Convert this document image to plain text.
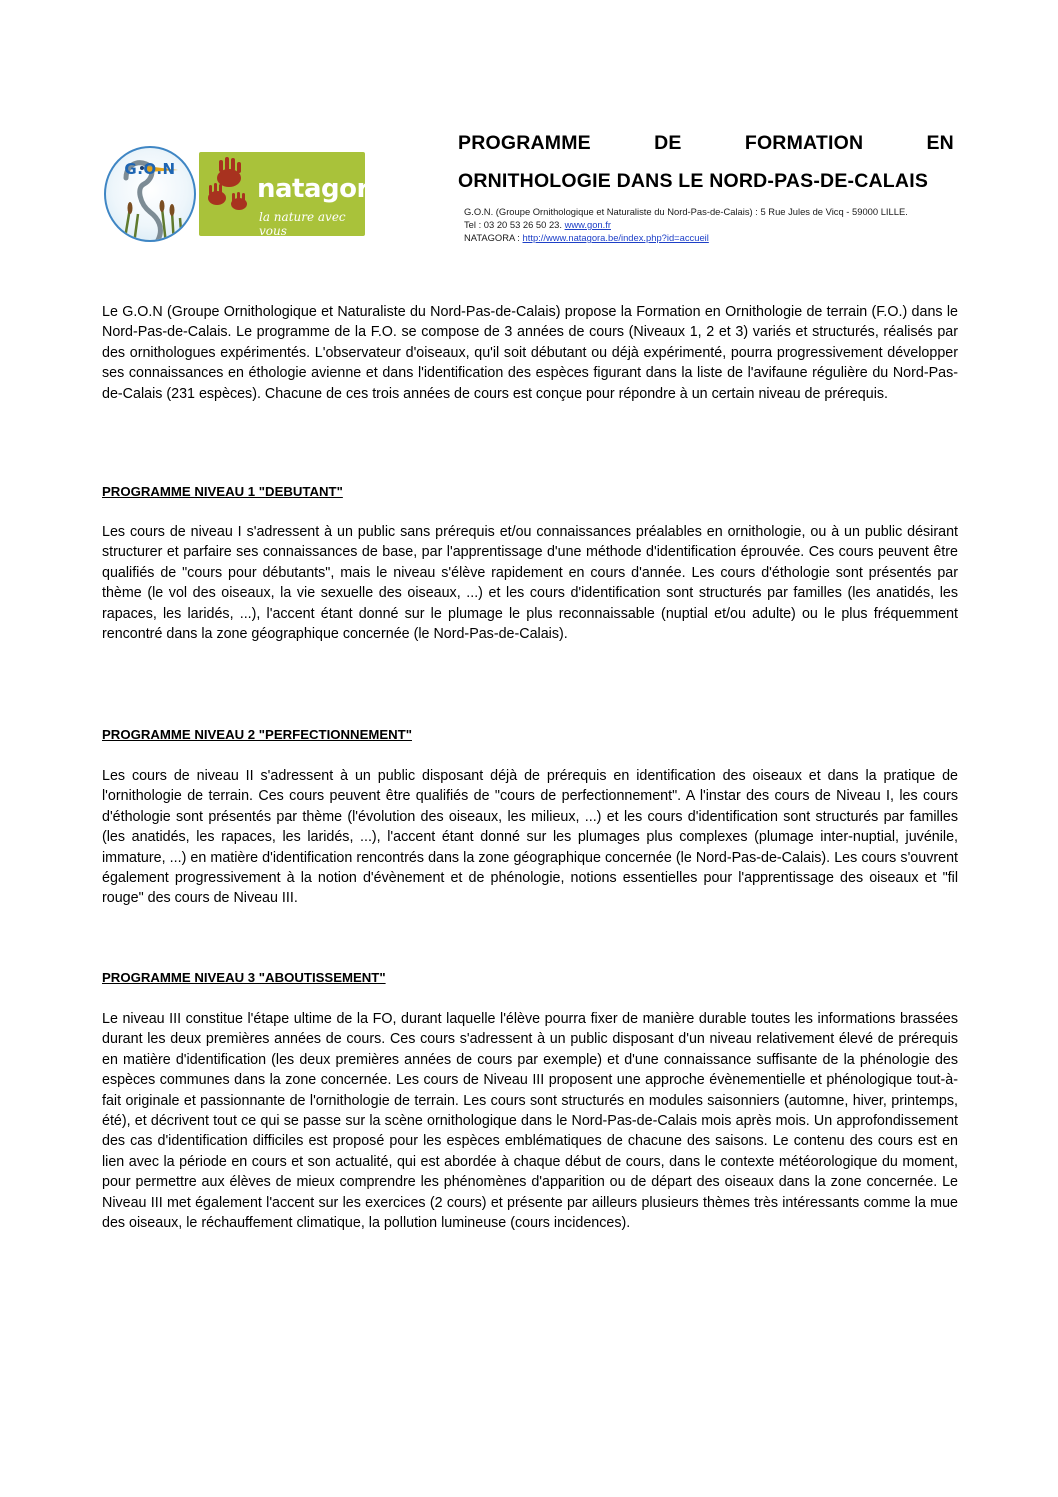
G.O.N
natagora
la nature avec vous
PROGRAMME	DE	FORMATION	EN
ORNITHOLOGIE DANS LE NORD-PAS-DE-CALAIS
G.O.N. (Groupe Ornithologique et Naturaliste du Nord-Pas-de-Calais) : 5 Rue Jules de Vicq - 59000 LILLE.
Tel : 03 20 53 26 50 23. www.gon.fr
NATAGORA : http://www.natagora.be/index.php?id=accueil
Le G.O.N (Groupe Ornithologique et Naturaliste du Nord-Pas-de-Calais) propose la Formation en Ornithologie de terrain (F.O.) dans le Nord-Pas-de-Calais. Le programme de la F.O. se compose de 3 années de cours (Niveaux 1, 2 et 3) variés et structurés, réalisés par des ornithologues expérimentés. L'observateur d'oiseaux, qu'il soit débutant ou déjà expérimenté, pourra progressivement développer ses connaissances en éthologie avienne et dans l'identification des espèces figurant dans la liste de l'avifaune régulière du Nord-Pas-de-Calais (231 espèces). Chacune de ces trois années de cours est conçue pour répondre à un certain niveau de prérequis.
PROGRAMME NIVEAU 1 "DEBUTANT"
Les cours de niveau I s'adressent à un public sans prérequis et/ou connaissances préalables en ornithologie, ou à un public désirant structurer et parfaire ses connaissances de base, par l'apprentissage d'une méthode d'identification éprouvée. Ces cours peuvent être qualifiés de "cours pour débutants", mais le niveau s'élève rapidement en cours d'année. Les cours d'éthologie sont présentés par thème (le vol des oiseaux, la vie sexuelle des oiseaux, ...) et les cours d'identification sont structurés par familles (les anatidés, les rapaces, les laridés, ...), l'accent étant donné sur le plumage le plus reconnaissable (nuptial et/ou adulte) ou le plus fréquemment rencontré dans la zone géographique concernée (le Nord-Pas-de-Calais).
PROGRAMME NIVEAU 2 "PERFECTIONNEMENT"
Les cours de niveau II s'adressent à un public disposant déjà de prérequis en identification des oiseaux et dans la pratique de l'ornithologie de terrain. Ces cours peuvent être qualifiés de "cours de perfectionnement". A l'instar des cours de Niveau I, les cours d'éthologie sont présentés par thème (l'évolution des oiseaux, les milieux, ...) et les cours d'identification sont structurés par familles (les anatidés, les rapaces, les laridés, ...), l'accent étant donné sur les plumages plus complexes (plumage inter-nuptial, juvénile, immature, ...) en matière d'identification rencontrés dans la zone géographique concernée (le Nord-Pas-de-Calais). Les cours s'ouvrent également progressivement à la notion d'évènement et de phénologie, notions essentielles pour l'apprentissage des oiseaux et "fil rouge" des cours de Niveau III.
PROGRAMME NIVEAU 3 "ABOUTISSEMENT"
Le niveau III constitue l'étape ultime de la FO, durant laquelle l'élève pourra fixer de manière durable toutes les informations brassées durant les deux premières années de cours. Ces cours s'adressent à un public disposant d'un niveau relativement élevé de prérequis en matière d'identification (les deux premières années de cours par exemple) et d'une connaissance suffisante de la phénologie des espèces communes dans la zone concernée. Les cours de Niveau III proposent une approche évènementielle et phénologique tout-à-fait originale et passionnante de l'ornithologie de terrain. Les cours sont structurés en modules saisonniers (automne, hiver, printemps, été), et décrivent tout ce qui se passe sur la scène ornithologique dans le Nord-Pas-de-Calais mois après mois. Un approfondissement des cas d'identification difficiles est proposé pour les espèces emblématiques de chacune des saisons. Le contenu des cours est en lien avec la période en cours et son actualité, qui est abordée à chaque début de cours, dans le contexte météorologique du moment, pour permettre aux élèves de mieux comprendre les phénomènes d'apparition ou de départ des oiseaux dans la zone concernée. Le Niveau III met également l'accent sur les exercices (2 cours) et présente par ailleurs plusieurs thèmes très intéressants comme la mue des oiseaux, le réchauffement climatique, la pollution lumineuse (cours incidences).
